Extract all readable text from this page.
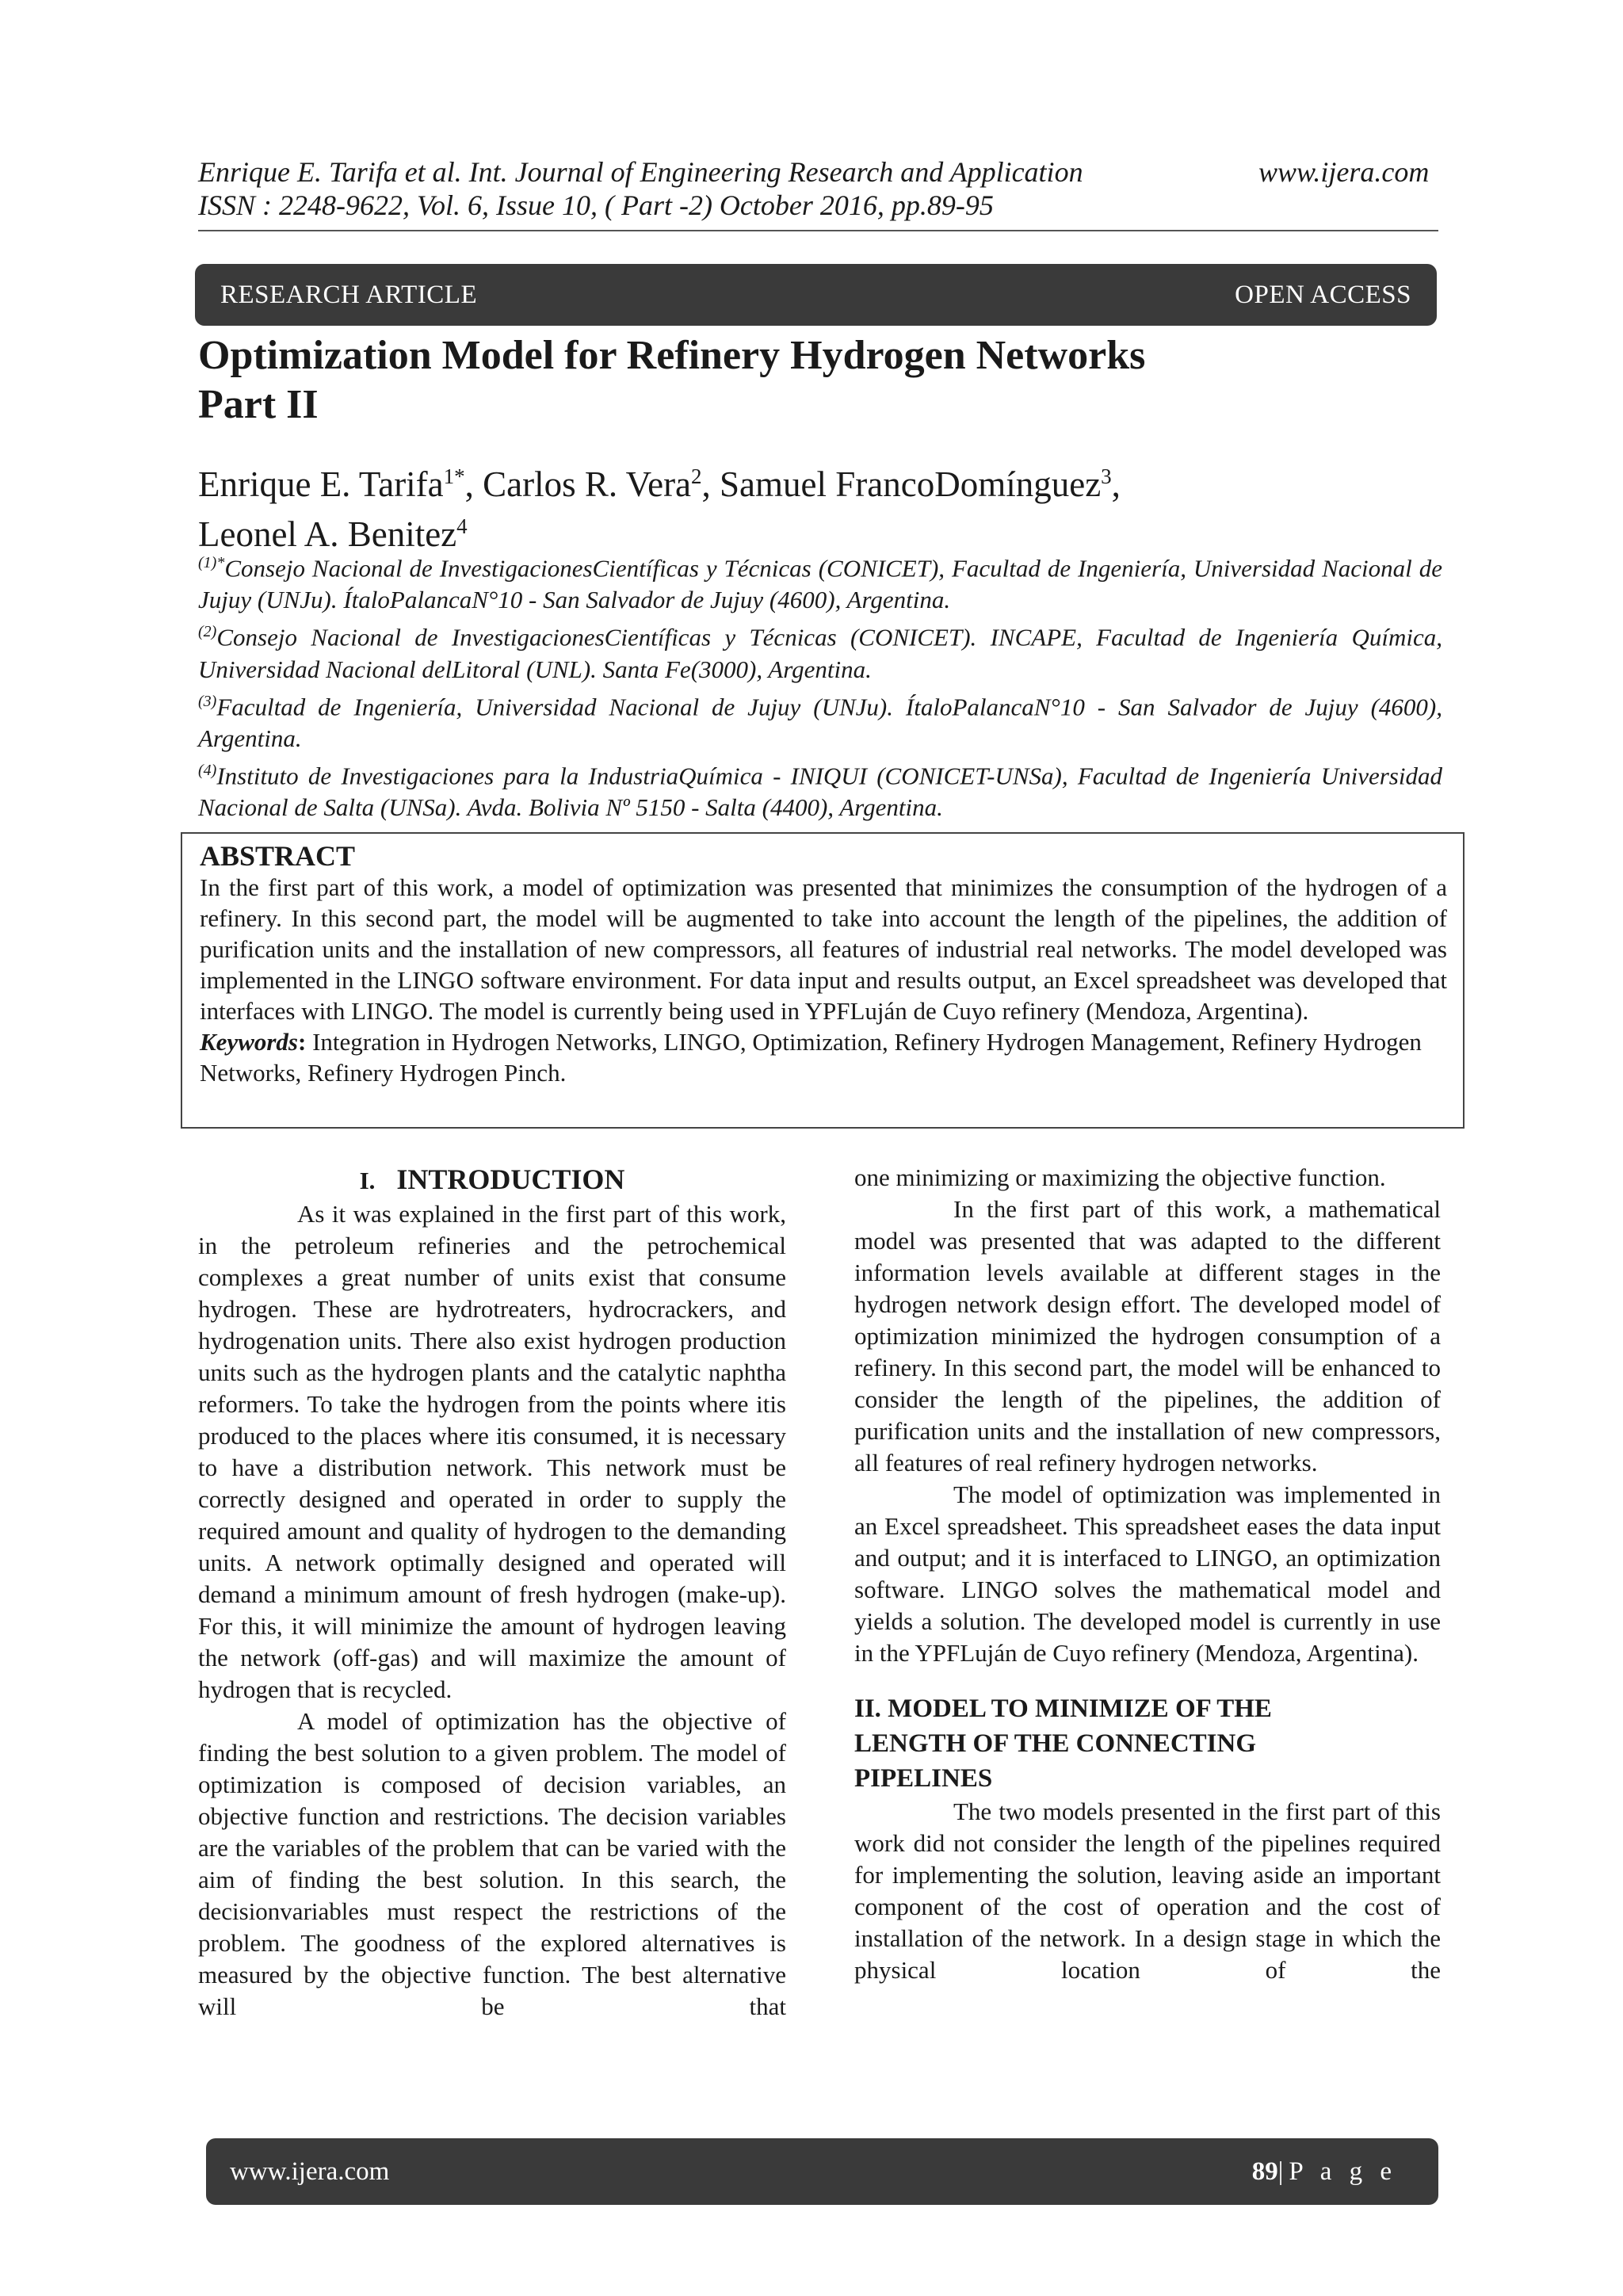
Enrique E. Tarifa et al. Int. Journal of Engineering Research and Application	www.ijera.com
ISSN : 2248-9622, Vol. 6, Issue 10, ( Part -2) October 2016, pp.89-95
RESEARCH ARTICLE	OPEN ACCESS
Optimization Model for Refinery Hydrogen Networks
Part II
Enrique E. Tarifa$^{1*}$, Carlos R. Vera$^2$, Samuel FrancoDomínguez$^3$,
Leonel A. Benitez$^4$
$^{(1)*}$Consejo Nacional de InvestigacionesCientíficas y Técnicas (CONICET), Facultad de Ingeniería, Universidad Nacional de Jujuy (UNJu). ÍtaloPalancaN°10 - San Salvador de Jujuy (4600), Argentina.
$^{(2)}$Consejo Nacional de InvestigacionesCientíficas y Técnicas (CONICET). INCAPE, Facultad de Ingeniería Química, Universidad Nacional delLitoral (UNL). Santa Fe(3000), Argentina.
$^{(3)}$Facultad de Ingeniería, Universidad Nacional de Jujuy (UNJu). ÍtaloPalancaN°10 - San Salvador de Jujuy (4600), Argentina.
$^{(4)}$Instituto de Investigaciones para la IndustriaQuímica - INIQUI (CONICET-UNSa), Facultad de Ingeniería Universidad Nacional de Salta (UNSa). Avda. Bolivia Nº 5150 - Salta (4400), Argentina.
ABSTRACT

In the first part of this work, a model of optimization was presented that minimizes the consumption of the hydrogen of a refinery. In this second part, the model will be augmented to take into account the length of the pipelines, the addition of purification units and the installation of new compressors, all features of industrial real networks. The model developed was implemented in the LINGO software environment. For data input and results output, an Excel spreadsheet was developed that interfaces with LINGO. The model is currently being used in YPFLuján de Cuyo refinery (Mendoza, Argentina).

Keywords: Integration in Hydrogen Networks, LINGO, Optimization, Refinery Hydrogen Management, Refinery Hydrogen Networks, Refinery Hydrogen Pinch.

I. INTRODUCTION

As it was explained in the first part of this work, in the petroleum refineries and the petrochemical complexes a great number of units exist that consume hydrogen. These are hydrotreaters, hydrocrackers, and hydrogenation units. There also exist hydrogen production units such as the hydrogen plants and the catalytic naphtha reformers. To take the hydrogen from the points where itis produced to the places where itis consumed, it is necessary to have a distribution network. This network must be correctly designed and operated in order to supply the required amount and quality of hydrogen to the demanding units. A network optimally designed and operated will demand a minimum amount of fresh hydrogen (make-up). For this, it will minimize the amount of hydrogen leaving the network (off-gas) and will maximize the amount of hydrogen that is recycled.

A model of optimization has the objective of finding the best solution to a given problem. The model of optimization is composed of decision variables, an objective function and restrictions. The decision variables are the variables of the problem that can be varied with the aim of finding the best solution. In this search, the decisionvariables must respect the restrictions of the problem. The goodness of the explored alternatives is measured by the objective function. The best alternative will be that

one minimizing or maximizing the objective function.

In the first part of this work, a mathematical model was presented that was adapted to the different information levels available at different stages in the hydrogen network design effort. The developed model of optimization minimized the hydrogen consumption of a refinery. In this second part, the model will be enhanced to consider the length of the pipelines, the addition of purification units and the installation of new compressors, all features of real refinery hydrogen networks.

The model of optimization was implemented in an Excel spreadsheet. This spreadsheet eases the data input and output; and it is interfaced to LINGO, an optimization software. LINGO solves the mathematical model and yields a solution. The developed model is currently in use in the YPFLuján de Cuyo refinery (Mendoza, Argentina).

II. MODEL TO MINIMIZE OF THE

LENGTH OF THE CONNECTING

PIPELINES

The two models presented in the first part of this work did not consider the length of the pipelines required for implementing the solution, leaving aside an important component of the cost of operation and the cost of installation of the network. In a design stage in which the physical location of the

www.ijera.com	89|P a g e
